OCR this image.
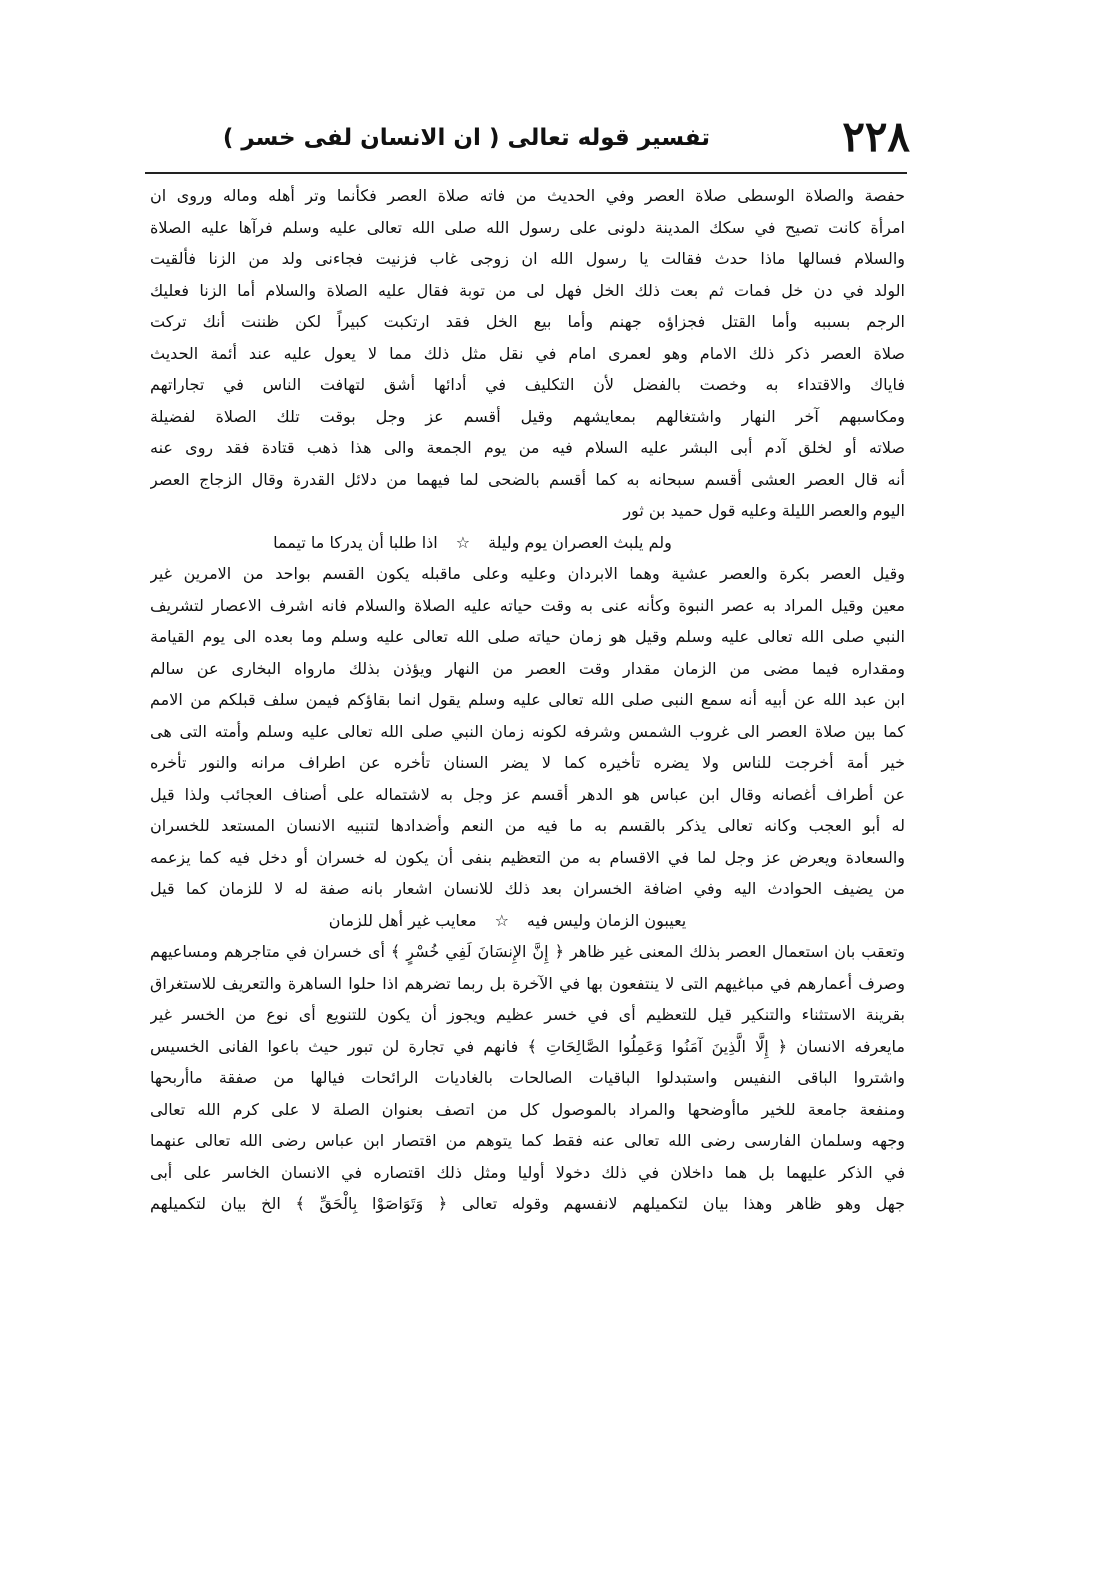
٢٢٨
تفسير قوله تعالى ( ان الانسان لفى خسر )
حفصة والصلاة الوسطى صلاة العصر وفي الحديث من فاته صلاة العصر فكأنما وتر أهله وماله وروى ان
امرأة كانت تصيح في سكك المدينة دلونى على رسول الله صلى الله تعالى عليه وسلم فرآها عليه الصلاة
والسلام فسالها ماذا حدث فقالت يا رسول الله ان زوجى غاب فزنيت فجاءنى ولد من الزنا فألقيت
الولد في دن خل فمات ثم بعت ذلك الخل فهل لى من توبة فقال عليه الصلاة والسلام أما الزنا فعليك
الرجم بسببه وأما القتل فجزاؤه جهنم وأما بيع الخل فقد ارتكبت كبيراً لكن ظننت أنك تركت
صلاة العصر ذكر ذلك الامام وهو لعمرى امام في نقل مثل ذلك مما لا يعول عليه عند أئمة الحديث
فاياك والاقتداء به وخصت بالفضل لأن التكليف في أدائها أشق لتهافت الناس في تجاراتهم
ومكاسبهم آخر النهار واشتغالهم بمعايشهم وقيل أقسم عز وجل بوقت تلك الصلاة لفضيلة
صلاته أو لخلق آدم أبى البشر عليه السلام فيه من يوم الجمعة والى هذا ذهب قتادة فقد روى عنه
أنه قال العصر العشى أقسم سبحانه به كما أقسم بالضحى لما فيهما من دلائل القدرة وقال الزجاج العصر
اليوم والعصر الليلة وعليه قول حميد بن ثور
ولم يلبث العصران يوم وليلة☆اذا طلبا أن يدركا ما تيمما
وقيل العصر بكرة والعصر عشية وهما الابردان وعليه وعلى ماقبله يكون القسم بواحد من الامرين غير
معين وقيل المراد به عصر النبوة وكأنه عنى به وقت حياته عليه الصلاة والسلام فانه اشرف الاعصار لتشريف
النبي صلى الله تعالى عليه وسلم وقيل هو زمان حياته صلى الله تعالى عليه وسلم وما بعده الى يوم القيامة
ومقداره فيما مضى من الزمان مقدار وقت العصر من النهار ويؤذن بذلك مارواه البخارى عن سالم
ابن عبد الله عن أبيه أنه سمع النبى صلى الله تعالى عليه وسلم يقول انما بقاؤكم فيمن سلف قبلكم من الامم
كما بين صلاة العصر الى غروب الشمس وشرفه لكونه زمان النبي صلى الله تعالى عليه وسلم وأمته التى هى
خير أمة أخرجت للناس ولا يضره تأخيره كما لا يضر السنان تأخره عن اطراف مرانه والنور تأخره
عن أطراف أغصانه وقال ابن عباس هو الدهر أقسم عز وجل به لاشتماله على أصناف العجائب ولذا قيل
له أبو العجب وكانه تعالى يذكر بالقسم به ما فيه من النعم وأضدادها لتنبيه الانسان المستعد للخسران
والسعادة ويعرض عز وجل لما في الاقسام به من التعظيم بنفى أن يكون له خسران أو دخل فيه كما يزعمه
من يضيف الحوادث اليه وفي اضافة الخسران بعد ذلك للانسان اشعار بانه صفة له لا للزمان كما قيل
يعيبون الزمان وليس فيه☆معايب غير أهل للزمان
وتعقب بان استعمال العصر بذلك المعنى غير ظاهر ﴿ إِنَّ الإِنسَانَ لَفِي خُسْرٍ ﴾ أى خسران في متاجرهم ومساعيهم
وصرف أعمارهم في مباغيهم التى لا ينتفعون بها في الآخرة بل ربما تضرهم اذا حلوا الساهرة والتعريف للاستغراق
بقرينة الاستثناء والتنكير قيل للتعظيم أى في خسر عظيم ويجوز أن يكون للتنويع أى نوع من الخسر غير
مايعرفه الانسان ﴿ إِلَّا الَّذِينَ آمَنُوا وَعَمِلُوا الصَّالِحَاتِ ﴾ فانهم في تجارة لن تبور حيث باعوا الفانى الخسيس
واشتروا الباقى النفيس واستبدلوا الباقيات الصالحات بالغاديات الرائحات فيالها من صفقة ماأربحها
ومنفعة جامعة للخير ماأوضحها والمراد بالموصول كل من اتصف بعنوان الصلة لا على كرم الله تعالى
وجهه وسلمان الفارسى رضى الله تعالى عنه فقط كما يتوهم من اقتصار ابن عباس رضى الله تعالى عنهما
في الذكر عليهما بل هما داخلان في ذلك دخولا أوليا ومثل ذلك اقتصاره في الانسان الخاسر على أبى
جهل وهو ظاهر وهذا بيان لتكميلهم لانفسهم وقوله تعالى ﴿ وَتَوَاصَوْا بِالْحَقِّ ﴾ الخ بيان لتكميلهم
